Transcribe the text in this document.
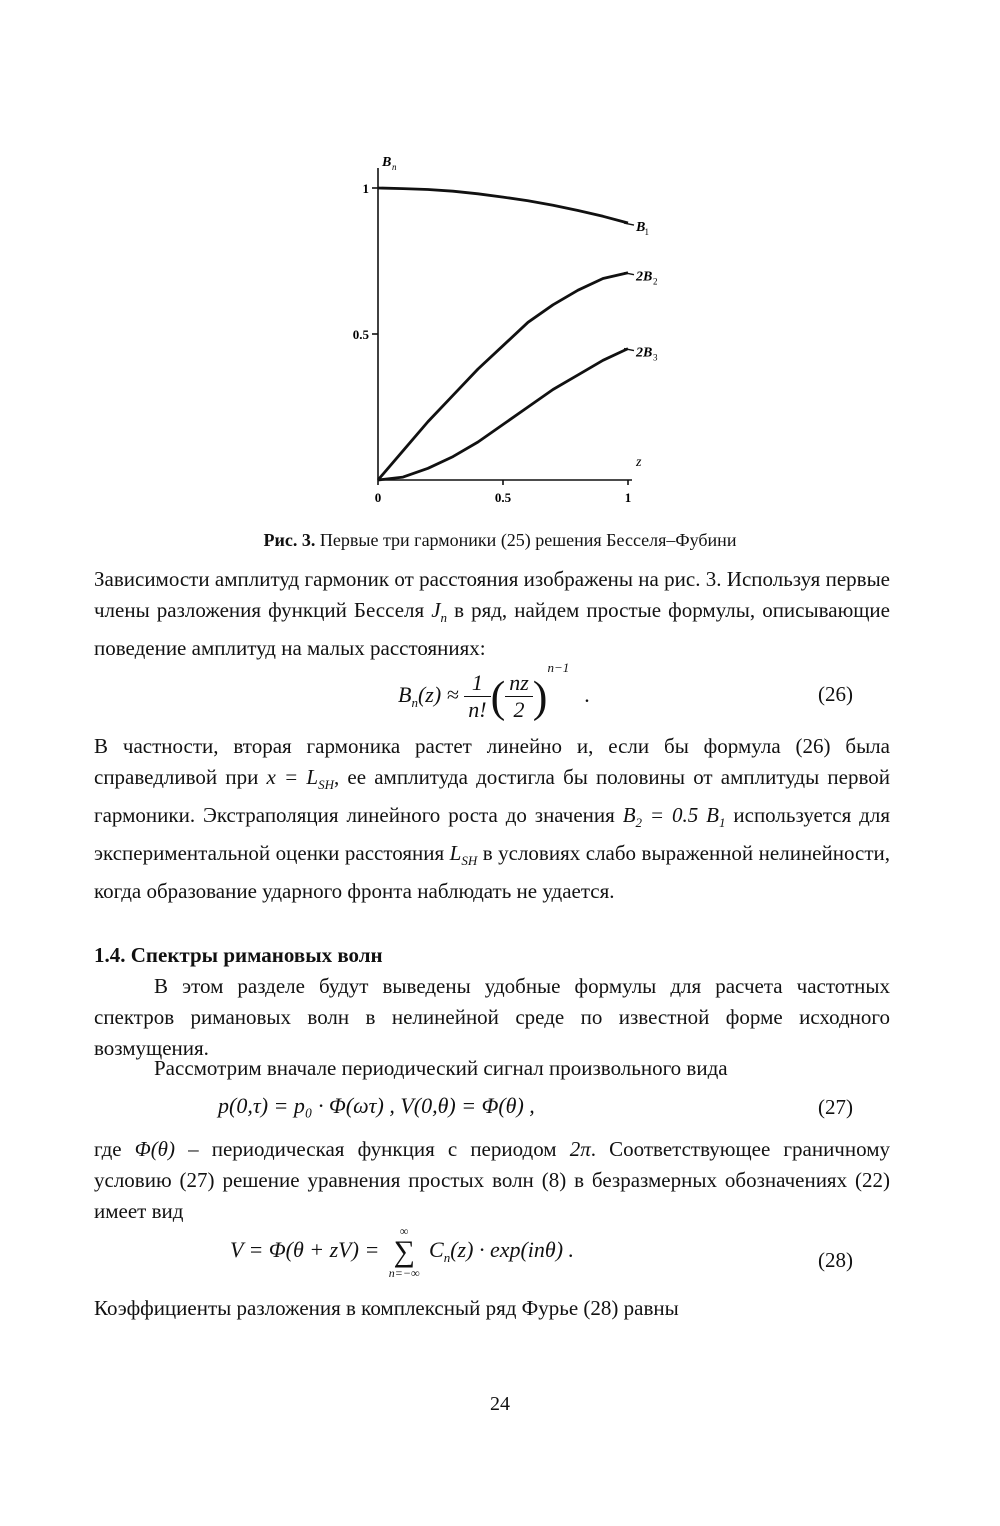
1
0.5
0	0.5	1
B n
z
B 1
2B 2
2B 3
Рис. 3. Первые три гармоники (25) решения Бесселя–Фубини

Зависимости амплитуд гармоник от расстояния изображены на рис. 3. Используя первые члены разложения функций Бесселя $J_n$ в ряд, найдем простые формулы, описывающие поведение амплитуд на малых расстояниях:

$B_n(z) \approx \frac{1}{n!}$ ( $\frac{nz}{2} )^{n-1}$ .	(26)

В частности, вторая гармоника растет линейно и, если бы формула (26) была справедливой при $x = L_{SH}$, ее амплитуда достигла бы половины от амплитуды первой гармоники. Экстраполяция линейного роста до значения $B_2 = 0.5$ $B_1$ используется для экспериментальной оценки расстояния $L_{SH}$ в условиях слабо выраженной нелинейности, когда образование ударного фронта наблюдать не удается.

1.4. Спектры римановых волн

В этом разделе будут выведены удобные формулы для расчета частотных спектров римановых волн в нелинейной среде по известной форме исходного возмущения.

Рассмотрим вначале периодический сигнал произвольного вида

p(0,τ) = p₀ · Φ(ωτ) , V(0,θ) = Φ(θ) ,	(27)

где Φ(θ) – периодическая функция с периодом 2π. Соответствующее граничному условию (27) решение уравнения простых волн (8) в безразмерных обозначениях (22) имеет вид

V = Φ(θ + zV) =
∞
∑
n=−∞
$C_n(z) \cdot \exp(in\theta)$ .	(28)

Коэффициенты разложения в комплексный ряд Фурье (28) равны

24
